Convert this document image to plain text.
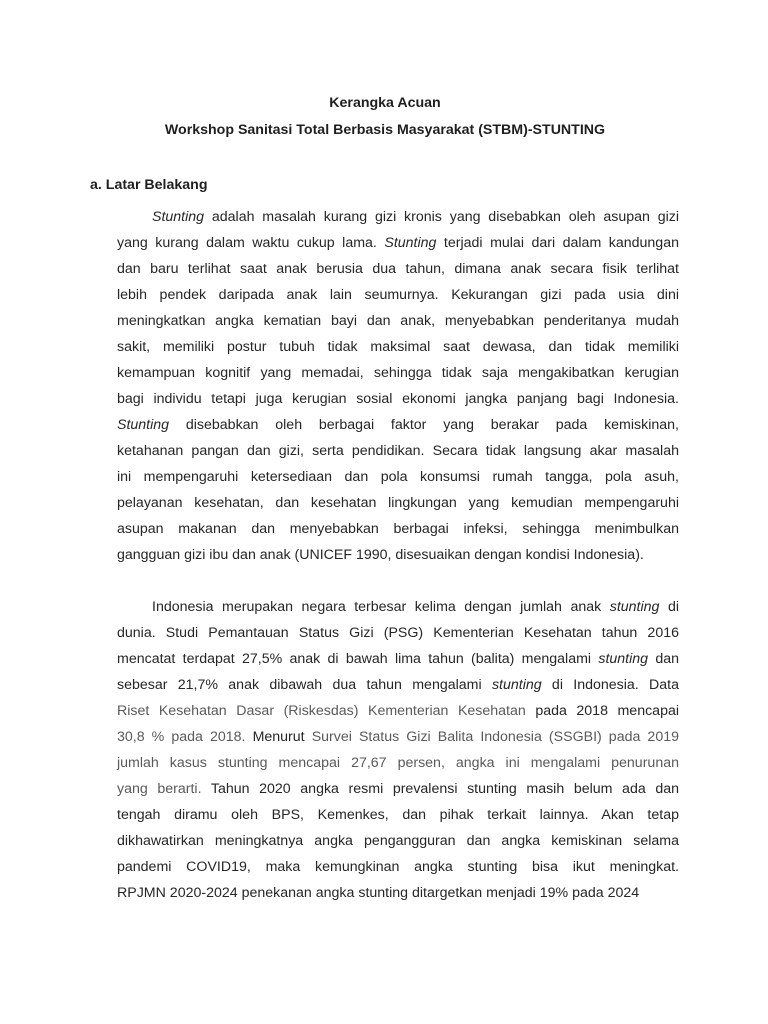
Kerangka Acuan
Workshop Sanitasi Total Berbasis Masyarakat (STBM)-STUNTING
a. Latar Belakang
Stunting adalah masalah kurang gizi kronis yang disebabkan oleh asupan gizi
yang kurang dalam waktu cukup lama. Stunting terjadi mulai dari dalam kandungan
dan baru terlihat saat anak berusia dua tahun, dimana anak secara fisik terlihat
lebih pendek daripada anak lain seumurnya. Kekurangan gizi pada usia dini
meningkatkan angka kematian bayi dan anak, menyebabkan penderitanya mudah
sakit, memiliki postur tubuh tidak maksimal saat dewasa, dan tidak memiliki
kemampuan kognitif yang memadai, sehingga tidak saja mengakibatkan kerugian
bagi individu tetapi juga kerugian sosial ekonomi jangka panjang bagi Indonesia.
Stunting disebabkan oleh berbagai faktor yang berakar pada kemiskinan,
ketahanan pangan dan gizi, serta pendidikan. Secara tidak langsung akar masalah
ini mempengaruhi ketersediaan dan pola konsumsi rumah tangga, pola asuh,
pelayanan kesehatan, dan kesehatan lingkungan yang kemudian mempengaruhi
asupan makanan dan menyebabkan berbagai infeksi, sehingga menimbulkan
gangguan gizi ibu dan anak (UNICEF 1990, disesuaikan dengan kondisi Indonesia).
Indonesia merupakan negara terbesar kelima dengan jumlah anak stunting di
dunia. Studi Pemantauan Status Gizi (PSG) Kementerian Kesehatan tahun 2016
mencatat terdapat 27,5% anak di bawah lima tahun (balita) mengalami stunting dan
sebesar 21,7% anak dibawah dua tahun mengalami stunting di Indonesia. Data
Riset Kesehatan Dasar (Riskesdas) Kementerian Kesehatan pada 2018 mencapai
30,8 % pada 2018. Menurut Survei Status Gizi Balita Indonesia (SSGBI) pada 2019
jumlah kasus stunting mencapai 27,67 persen, angka ini mengalami penurunan
yang berarti. Tahun 2020 angka resmi prevalensi stunting masih belum ada dan
tengah diramu oleh BPS, Kemenkes, dan pihak terkait lainnya. Akan tetap
dikhawatirkan meningkatnya angka pengangguran dan angka kemiskinan selama
pandemi COVID19, maka kemungkinan angka stunting bisa ikut meningkat.
RPJMN 2020-2024 penekanan angka stunting ditargetkan menjadi 19% pada 2024
